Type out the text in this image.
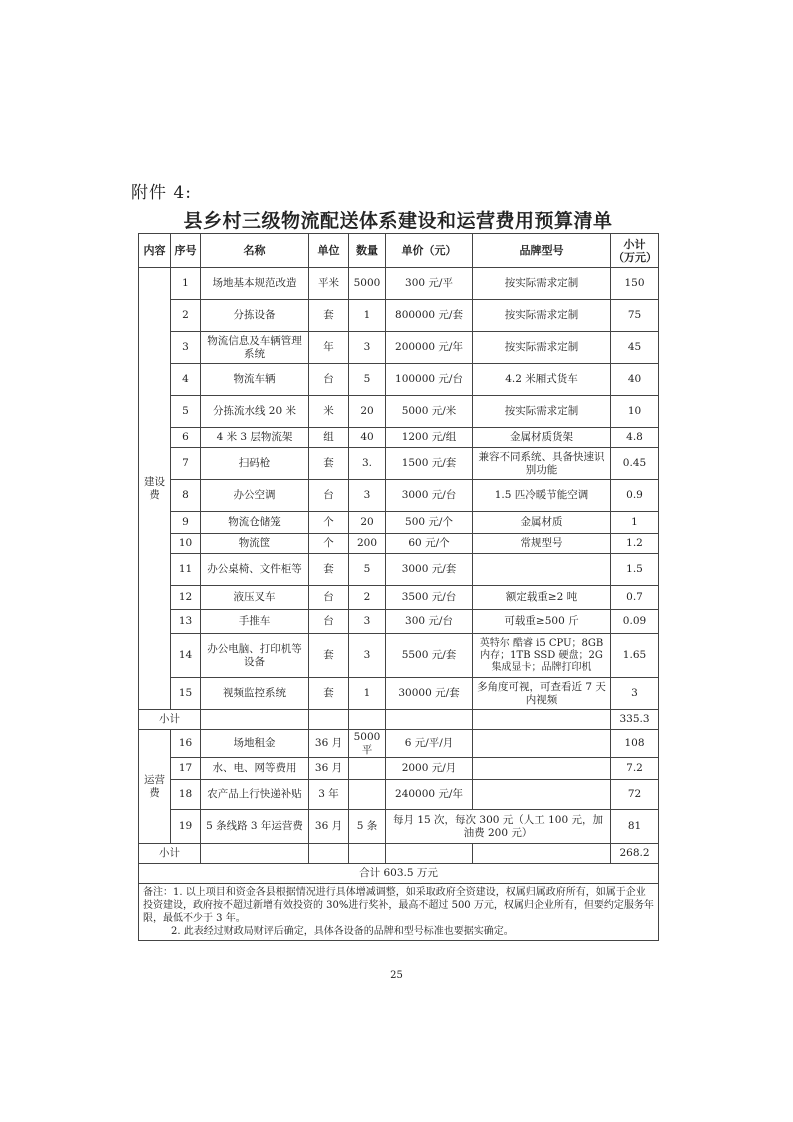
附件 4:
县乡村三级物流配送体系建设和运营费用预算清单
内容	序号	名称	单位	数量	单价（元）	品牌型号	小计（万元）
建设费	1	场地基本规范改造	平米	5000	300 元/平	按实际需求定制	150
	2	分拣设备	套	1	800000 元/套	按实际需求定制	75
	3	物流信息及车辆管理系统	年	3	200000 元/年	按实际需求定制	45
	4	物流车辆	台	5	100000 元/台	4.2 米厢式货车	40
	5	分拣流水线 20 米	米	20	5000 元/米	按实际需求定制	10
	6	4 米 3 层物流架	组	40	1200 元/组	金属材质货架	4.8
	7	扫码枪	套	3.	1500 元/套	兼容不同系统、具备快速识别功能	0.45
	8	办公空调	台	3	3000 元/台	1.5 匹冷暖节能空调	0.9
	9	物流仓储笼	个	20	500 元/个	金属材质	1
	10	物流筐	个	200	60 元/个	常规型号	1.2
	11	办公桌椅、文件柜等	套	5	3000 元/套		1.5
	12	液压叉车	台	2	3500 元/台	额定载重≥2 吨	0.7
	13	手推车	台	3	300 元/台	可载重≥500 斤	0.09
	14	办公电脑、打印机等设备	套	3	5500 元/套	英特尔 酷睿 i5 CPU；8GB 内存；1TB SSD 硬盘；2G 集成显卡；品牌打印机	1.65
	15	视频监控系统	套	1	30000 元/套	多角度可视，可查看近 7 天内视频	3
小计							335.3
运营费	16	场地租金	36 月	5000平	6 元/平/月		108
	17	水、电、网等费用	36 月		2000 元/月		7.2
	18	农产品上行快递补贴	3 年		240000 元/年		72
	19	5 条线路 3 年运营费	36 月	5 条	每月 15 次，每次 300 元（人工 100 元，加油费 200 元）		81
小计							268.2
合计 603.5 万元							

备注：1. 以上项目和资金各县根据情况进行具体增减调整，如采取政府全资建设，权属归属政府所有，如属于企业投资建设，政府按不超过新增有效投资的 30%进行奖补，最高不超过 500 万元，权属归企业所有，但要约定服务年限，最低不少于 3 年。
2. 此表经过财政局财评后确定，具体各设备的品牌和型号标准也要据实确定。							
25
